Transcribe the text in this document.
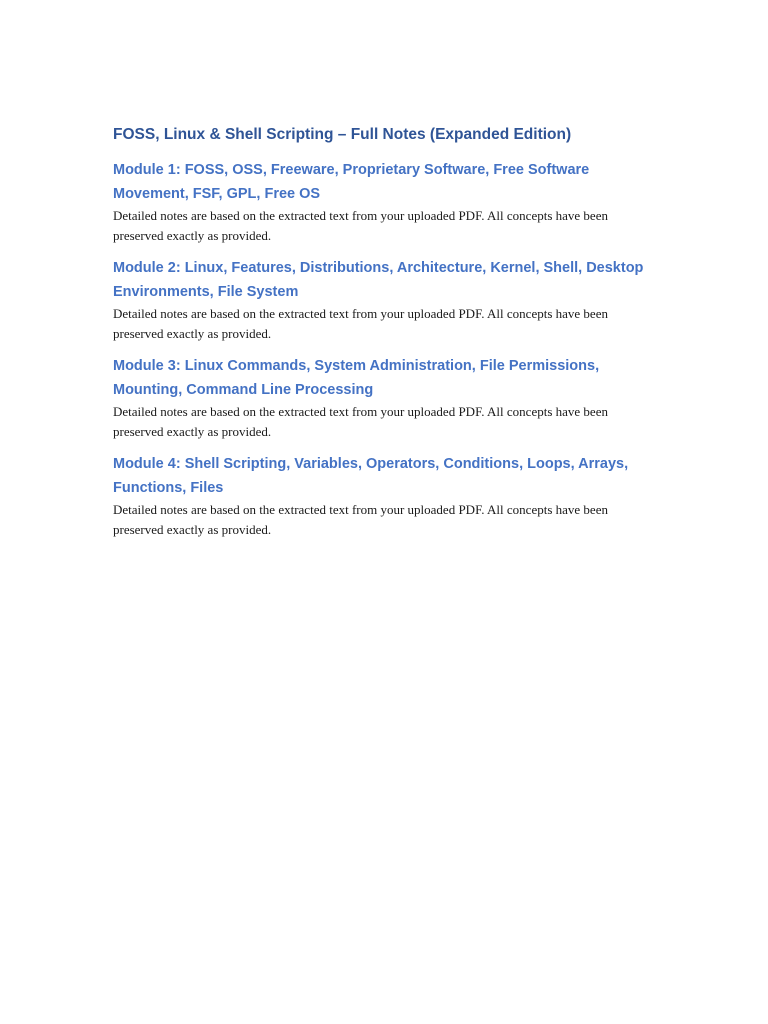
FOSS, Linux & Shell Scripting – Full Notes (Expanded Edition)
Module 1: FOSS, OSS, Freeware, Proprietary Software, Free Software Movement, FSF, GPL, Free OS

Detailed notes are based on the extracted text from your uploaded PDF. All concepts have been preserved exactly as provided.

Module 2: Linux, Features, Distributions, Architecture, Kernel, Shell, Desktop Environments, File System

Detailed notes are based on the extracted text from your uploaded PDF. All concepts have been preserved exactly as provided.

Module 3: Linux Commands, System Administration, File Permissions, Mounting, Command Line Processing

Detailed notes are based on the extracted text from your uploaded PDF. All concepts have been preserved exactly as provided.

Module 4: Shell Scripting, Variables, Operators, Conditions, Loops, Arrays, Functions, Files

Detailed notes are based on the extracted text from your uploaded PDF. All concepts have been preserved exactly as provided.
